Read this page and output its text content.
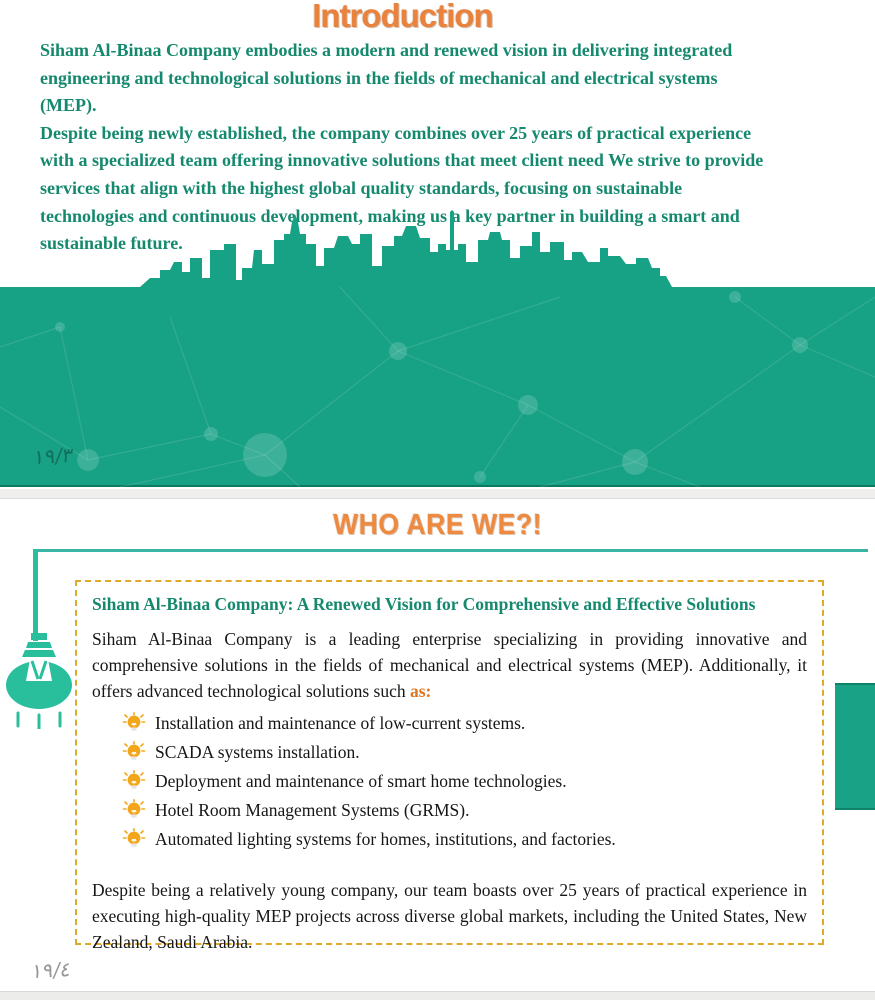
Introduction
Siham Al-Binaa Company embodies a modern and renewed vision in delivering integrated
engineering and technological solutions in the fields of mechanical and electrical systems
(MEP).
Despite being newly established, the company combines over 25 years of practical experience
with a specialized team offering innovative solutions that meet client need We strive to provide
services that align with the highest global quality standards, focusing on sustainable
technologies and continuous development, making us a key partner in building a smart and
sustainable future.
١٩/٣
WHO ARE WE?!
Siham Al-Binaa Company: A Renewed Vision for Comprehensive and Effective Solutions
Siham Al-Binaa Company is a leading enterprise specializing in providing innovative and comprehensive solutions in the fields of mechanical and electrical systems (MEP). Additionally, it offers advanced technological solutions such as:
Installation and maintenance of low-current systems.
SCADA systems installation.
Deployment and maintenance of smart home technologies.
Hotel Room Management Systems (GRMS).
Automated lighting systems for homes, institutions, and factories.
Despite being a relatively young company, our team boasts over 25 years of practical experience in executing high-quality MEP projects across diverse global markets, including the United States, New Zealand, Saudi Arabia.
١٩/٤
